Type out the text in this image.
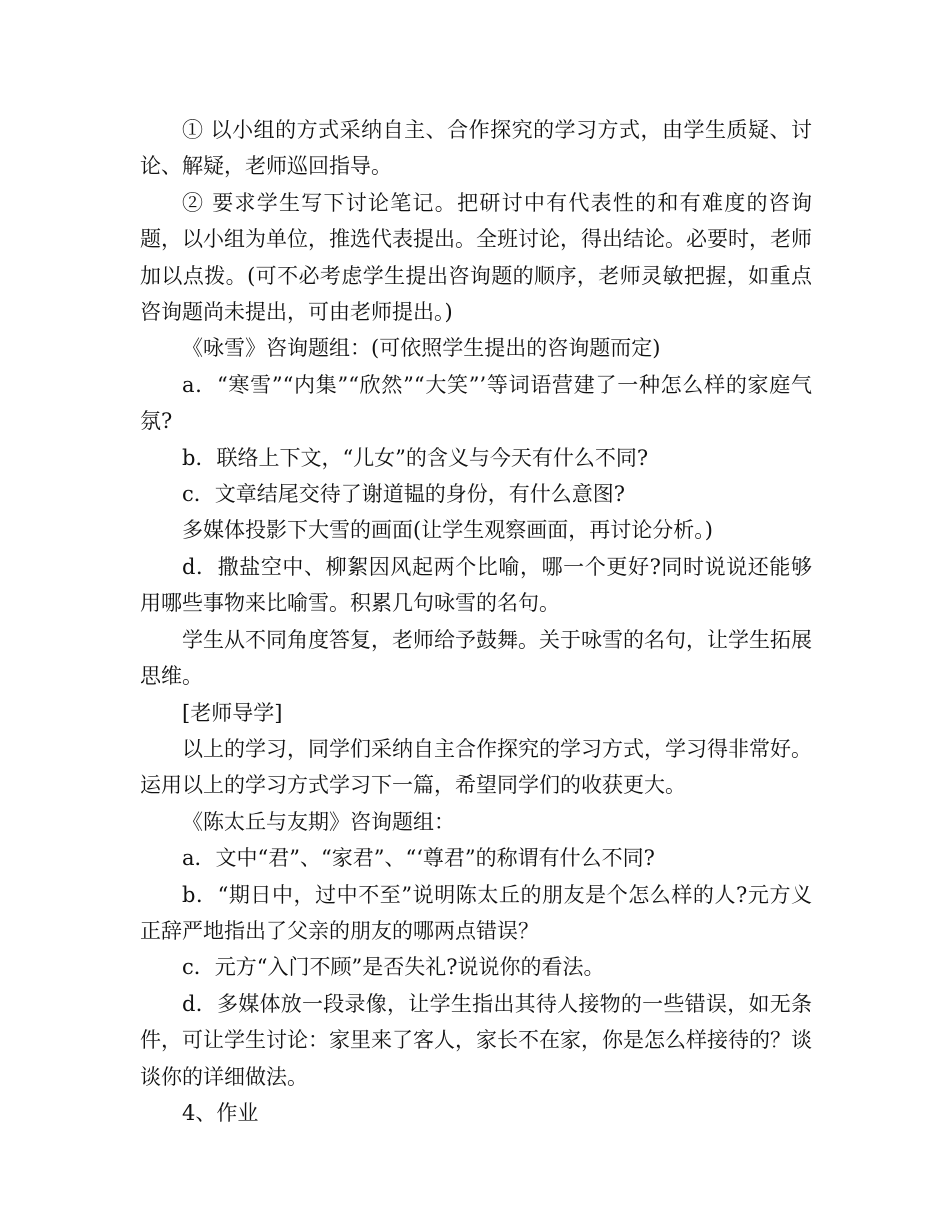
① 以小组的方式采纳自主、合作探究的学习方式，由学生质疑、讨论、解疑，老师巡回指导。

② 要求学生写下讨论笔记。把研讨中有代表性的和有难度的咨询题，以小组为单位，推选代表提出。全班讨论，得出结论。必要时，老师加以点拨。(可不必考虑学生提出咨询题的顺序，老师灵敏把握，如重点咨询题尚未提出，可由老师提出。)

《咏雪》咨询题组：(可依照学生提出的咨询题而定)

a．“寒雪”“内集”“欣然”“大笑”’等词语营建了一种怎么样的家庭气氛?

b．联络上下文，“儿女”的含义与今天有什么不同?

c．文章结尾交待了谢道韫的身份，有什么意图?

多媒体投影下大雪的画面(让学生观察画面，再讨论分析。)

d．撒盐空中、柳絮因风起两个比喻，哪一个更好?同时说说还能够用哪些事物来比喻雪。积累几句咏雪的名句。

学生从不同角度答复，老师给予鼓舞。关于咏雪的名句，让学生拓展思维。

[老师导学]

以上的学习，同学们采纳自主合作探究的学习方式，学习得非常好。运用以上的学习方式学习下一篇，希望同学们的收获更大。

《陈太丘与友期》咨询题组：

a．文中“君”、“家君”、“‘尊君”的称谓有什么不同?

b．“期日中，过中不至”说明陈太丘的朋友是个怎么样的人?元方义正辞严地指出了父亲的朋友的哪两点错误？

c．元方“入门不顾”是否失礼?说说你的看法。

d．多媒体放一段录像，让学生指出其待人接物的一些错误，如无条件，可让学生讨论：家里来了客人，家长不在家，你是怎么样接待的？谈谈你的详细做法。

4、作业
